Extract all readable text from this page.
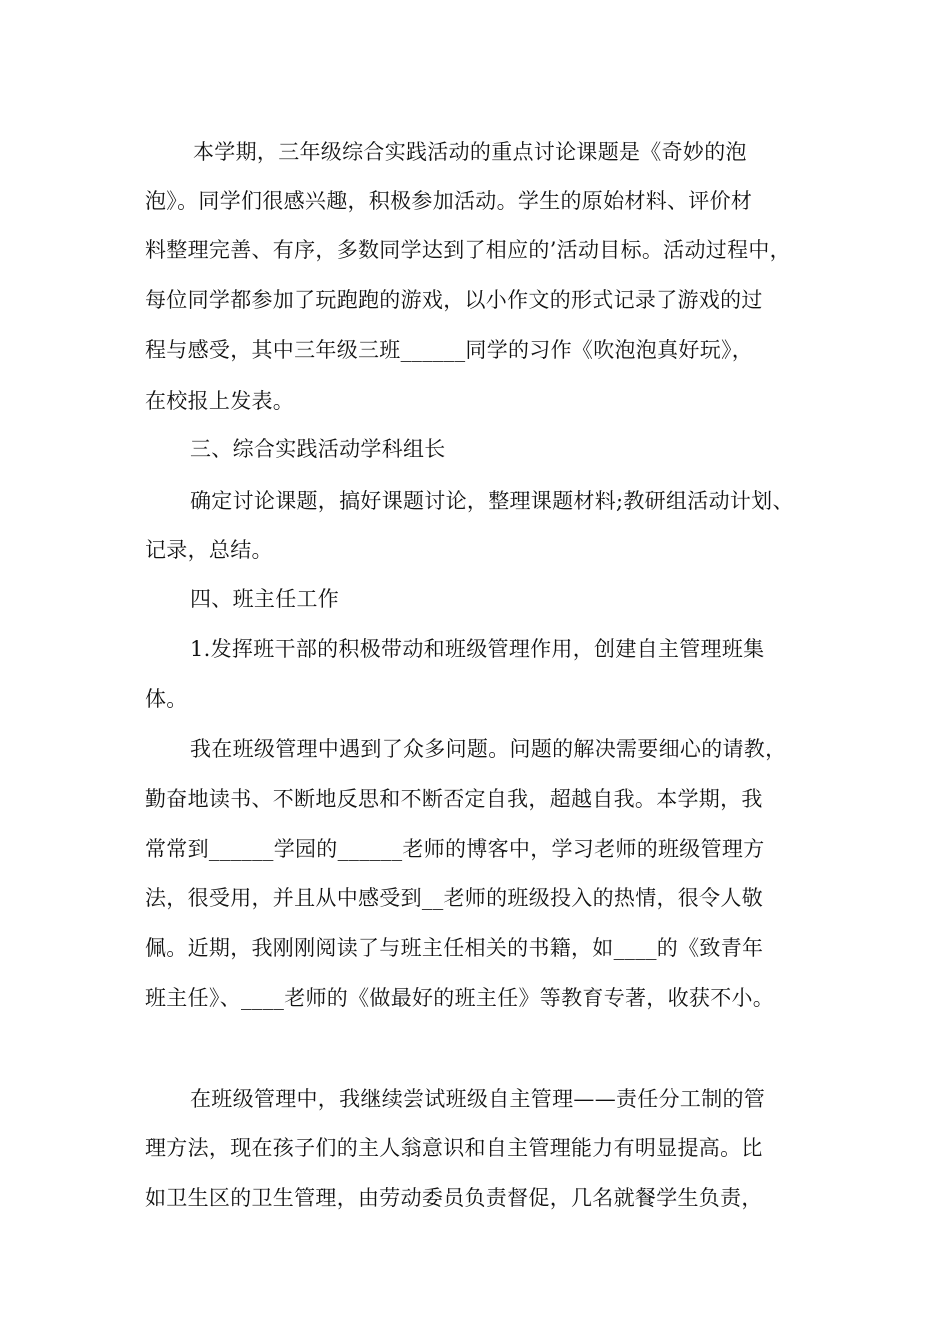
本学期，三年级综合实践活动的重点讨论课题是《奇妙的泡
泡》。同学们很感兴趣，积极参加活动。学生的原始材料、评价材
料整理完善、有序，多数同学达到了相应的’活动目标。活动过程中，
每位同学都参加了玩跑跑的游戏，以小作文的形式记录了游戏的过
程与感受，其中三年级三班______同学的习作《吹泡泡真好玩》，
在校报上发表。
三、综合实践活动学科组长
确定讨论课题，搞好课题讨论，整理课题材料;教研组活动计划、
记录，总结。
四、班主任工作
1.发挥班干部的积极带动和班级管理作用，创建自主管理班集
体。
我在班级管理中遇到了众多问题。问题的解决需要细心的请教，
勤奋地读书、不断地反思和不断否定自我，超越自我。本学期，我
常常到______学园的______老师的博客中，学习老师的班级管理方
法，很受用，并且从中感受到__老师的班级投入的热情，很令人敬
佩。近期，我刚刚阅读了与班主任相关的书籍，如____的《致青年
班主任》、____老师的《做最好的班主任》等教育专著，收获不小。
在班级管理中，我继续尝试班级自主管理——责任分工制的管
理方法，现在孩子们的主人翁意识和自主管理能力有明显提高。比
如卫生区的卫生管理，由劳动委员负责督促，几名就餐学生负责，
